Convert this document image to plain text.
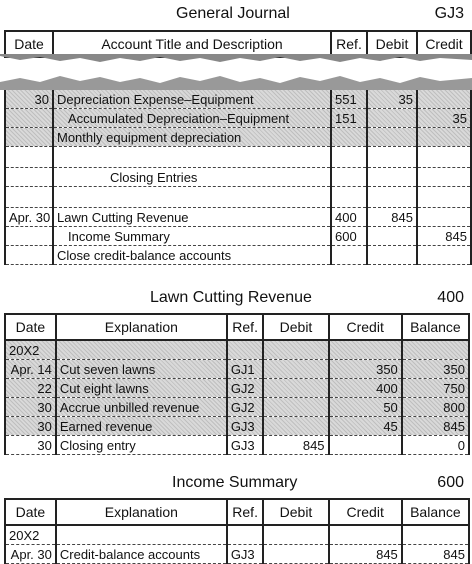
General Journal	GJ3
Date	Account Title and Description	Ref.	Debit	Credit
30	Depreciation Expense–Equipment	551	35	
	Accumulated Depreciation–Equipment	151		35
	Monthly equipment depreciation			

	Closing Entries			

Apr. 30	Lawn Cutting Revenue	400	845	
	Income Summary	600		845
	Close credit-balance accounts			
Lawn Cutting Revenue	400
Date	Explanation	Ref.	Debit	Credit	Balance
20X2					
Apr. 14	Cut seven lawns	GJ1		350	350
22	Cut eight lawns	GJ2		400	750
30	Accrue unbilled revenue	GJ2		50	800
30	Earned revenue	GJ3		45	845
30	Closing entry	GJ3	845		0
Income Summary	600
Date	Explanation	Ref.	Debit	Credit	Balance
20X2					
Apr. 30	Credit-balance accounts	GJ3		845	845
